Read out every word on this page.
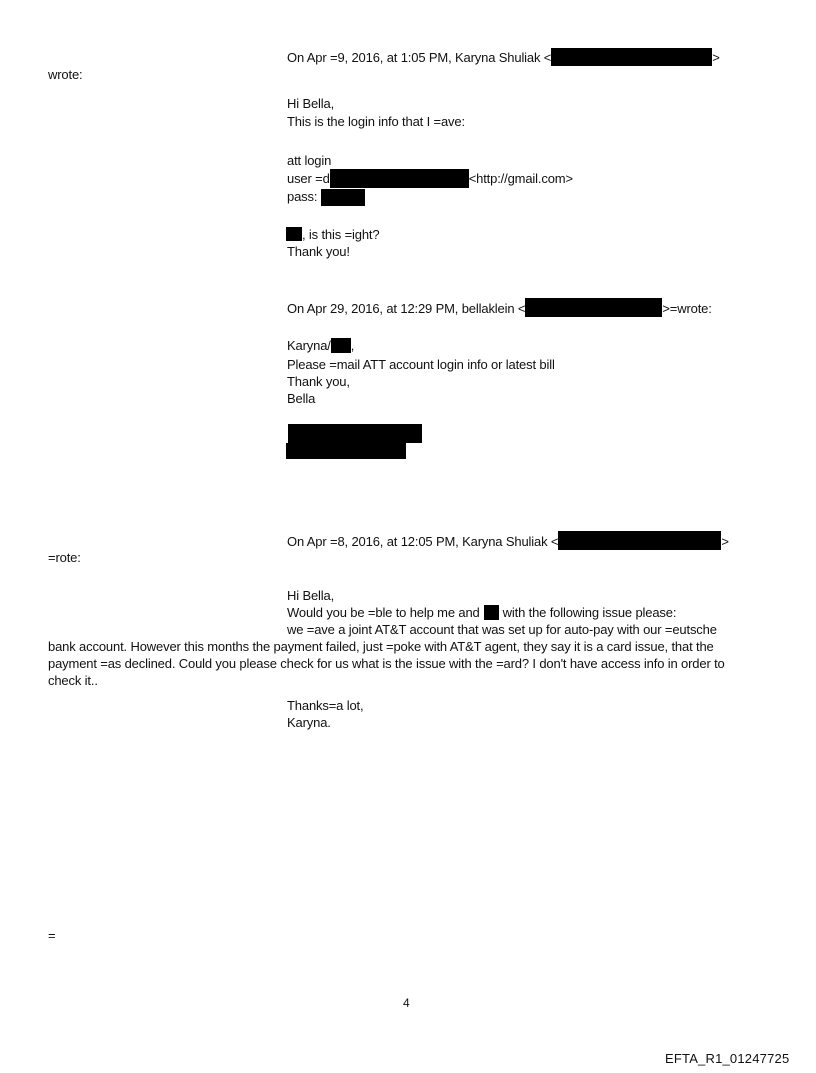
On Apr =9, 2016, at 1:05 PM, Karyna Shuliak <	>
wrote:
Hi Bella,
This is the login info that I =ave:
att login
user =d	<http://gmail.com>
pass:
, is this =ight?
Thank you!
On Apr 29, 2016, at 12:29 PM, bellaklein <	>=wrote:
Karyna/ ,
Please =mail ATT account login info or latest bill
Thank you,
Bella
On Apr =8, 2016, at 12:05 PM, Karyna Shuliak <	>
=rote:
Hi Bella,
Would you be =ble to help me and with the following issue please:
we =ave a joint AT&T account that was set up for auto-pay with our =eutsche
bank account. However this months the payment failed, just =poke with AT&T agent, they say it is a card issue, that the
payment =as declined. Could you please check for us what is the issue with the =ard? I don't have access info in order to
check it..
Thanks=a lot,
Karyna.
=
4
EFTA_R1_01247725
